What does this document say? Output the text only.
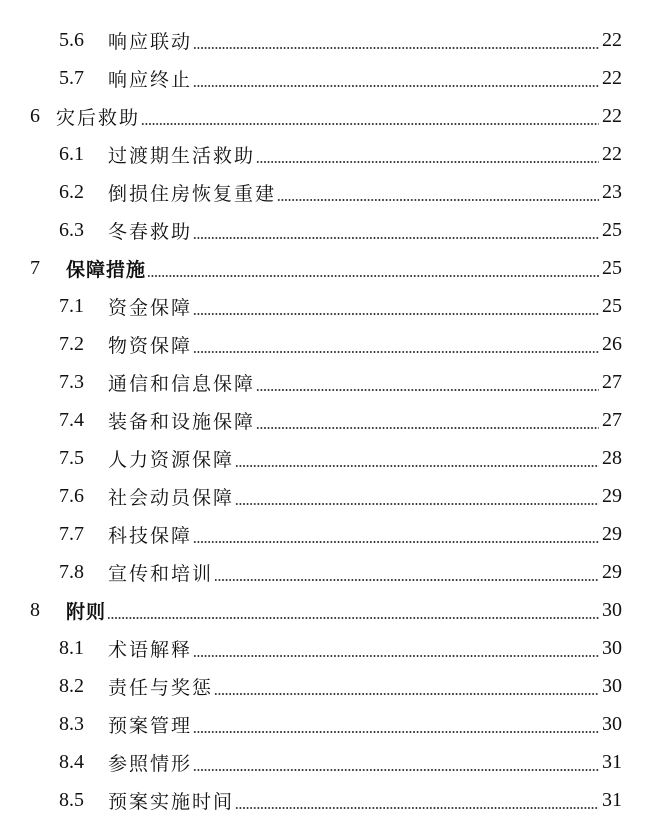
5.6	响应联动	22
5.7	响应终止	22
6 灾后救助	22
6.1	过渡期生活救助	22
6.2	倒损住房恢复重建	23
6.3	冬春救助	25
7	保障措施	25
7.1	资金保障	25
7.2	物资保障	26
7.3	通信和信息保障	27
7.4	装备和设施保障	27
7.5	人力资源保障	28
7.6	社会动员保障	29
7.7	科技保障	29
7.8	宣传和培训	29
8	附则	30
8.1	术语解释	30
8.2	责任与奖惩	30
8.3	预案管理	30
8.4	参照情形	31
8.5	预案实施时间	31
